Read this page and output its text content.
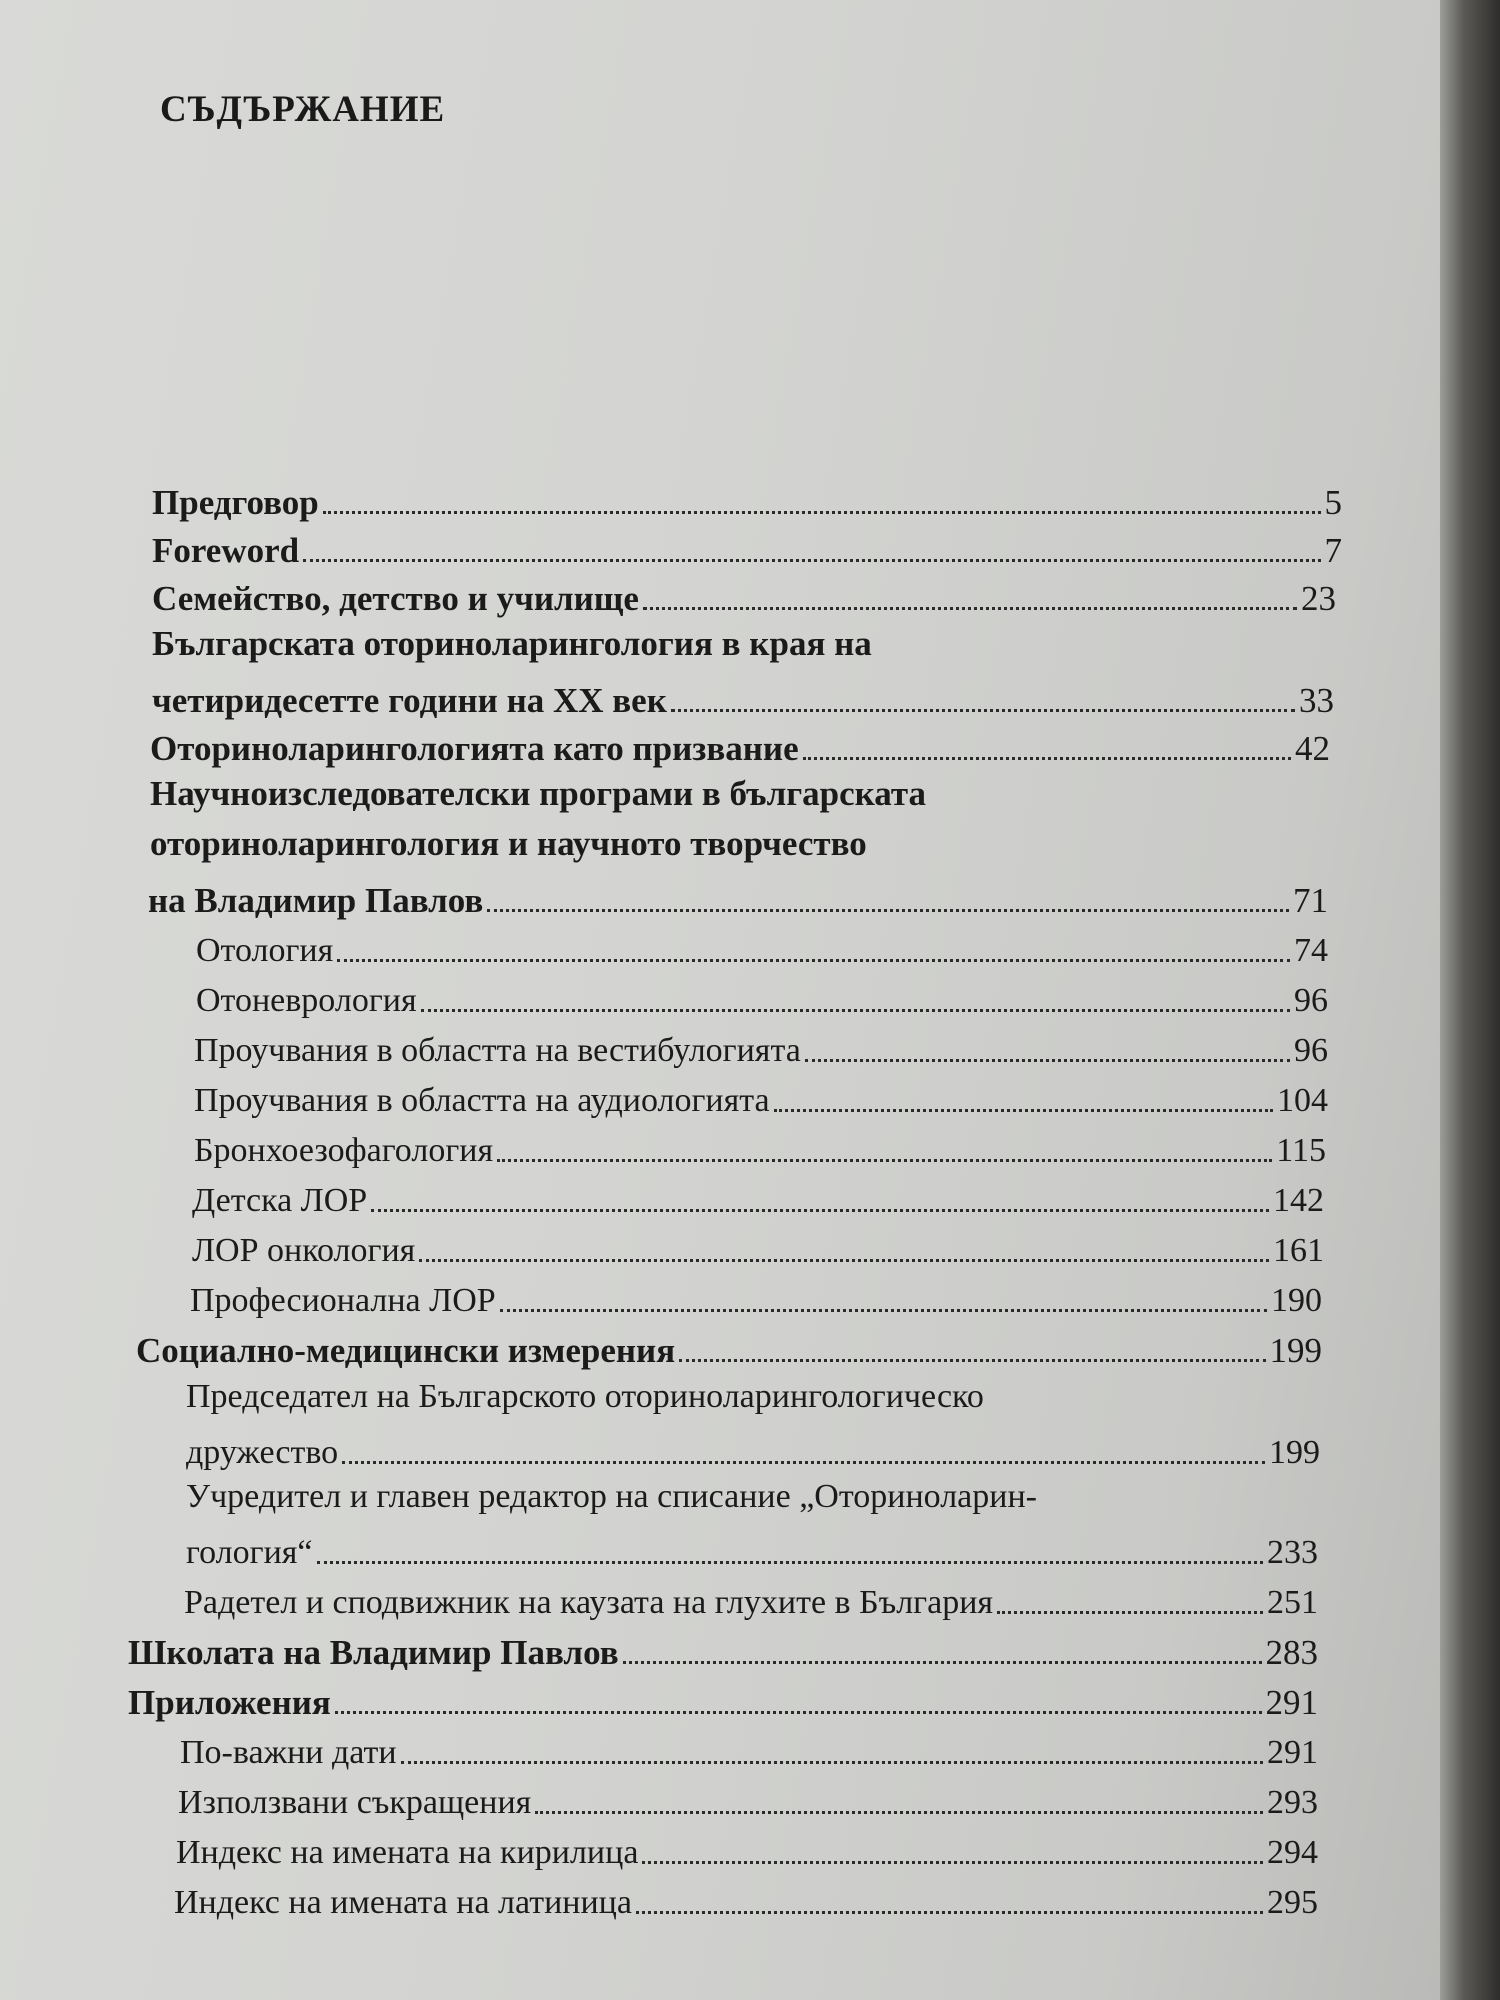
СЪДЪРЖАНИЕ
Предговор	5
Foreword	7
Семейство, детство и училище	23
Българската оториноларингология в края на
четиридесетте години на XX век	33
Оториноларингологията като призвание	42
Научноизследователски програми в българската
оториноларингология и научното творчество
на Владимир Павлов	71
Отология	74
Отоневрология	96
Проучвания в областта на вестибулогията	96
Проучвания в областта на аудиологията	104
Бронхоезофагология	115
Детска ЛОР	142
ЛОР онкология	161
Професионална ЛОР	190
Социално-медицински измерения	199
Председател на Българското оториноларингологическо
дружество	199
Учредител и главен редактор на списание „Оториноларин-
гология“	233
Радетел и сподвижник на каузата на глухите в България	251
Школата на Владимир Павлов	283
Приложения	291
По-важни дати	291
Използвани съкращения	293
Индекс на имената на кирилица	294
Индекс на имената на латиница	295
